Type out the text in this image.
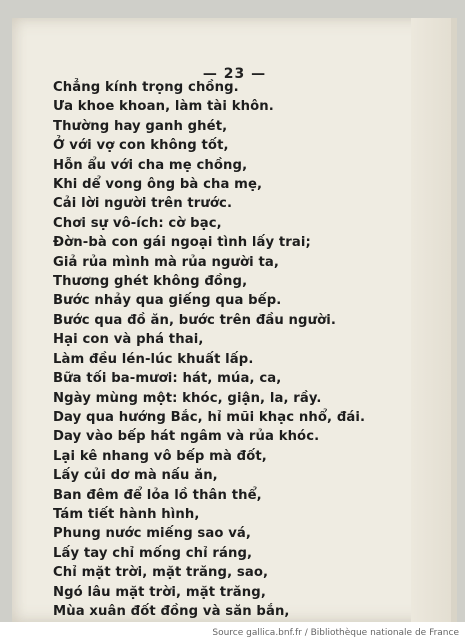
— 23 —
Chẳng kính trọng chồng.
Ưa khoe khoan, làm tài khôn.
Thường hay ganh ghét,
Ở với vợ con không tốt,
Hỗn ẩu với cha mẹ chồng,
Khi dể vong ông bà cha mẹ,
Cải lời người trên trước.
Chơi sự vô-ích: cờ bạc,
Đờn-bà con gái ngoại tình lấy trai;
Giả rủa mình mà rủa người ta,
Thương ghét không đồng,
Bước nhảy qua giếng qua bếp.
Bước qua đồ ăn, bước trên đầu người.
Hại con và phá thai,
Làm đều lén-lúc khuất lấp.
Bữa tối ba-mươi: hát, múa, ca,
Ngày mùng một: khóc, giận, la, rầy.
Day qua hướng Bắc, hỉ mũi khạc nhổ, đái.
Day vào bếp hát ngâm và rủa khóc.
Lại kê nhang vô bếp mà đốt,
Lấy củi dơ mà nấu ăn,
Ban đêm để lỏa lồ thân thể,
Tám tiết hành hình,
Phung nước miếng sao vá,
Lấy tay chỉ mống chỉ ráng,
Chỉ mặt trời, mặt trăng, sao,
Ngó lâu mặt trời, mặt trăng,
Mùa xuân đốt đồng và săn bắn,
Source gallica.bnf.fr / Bibliothèque nationale de France
